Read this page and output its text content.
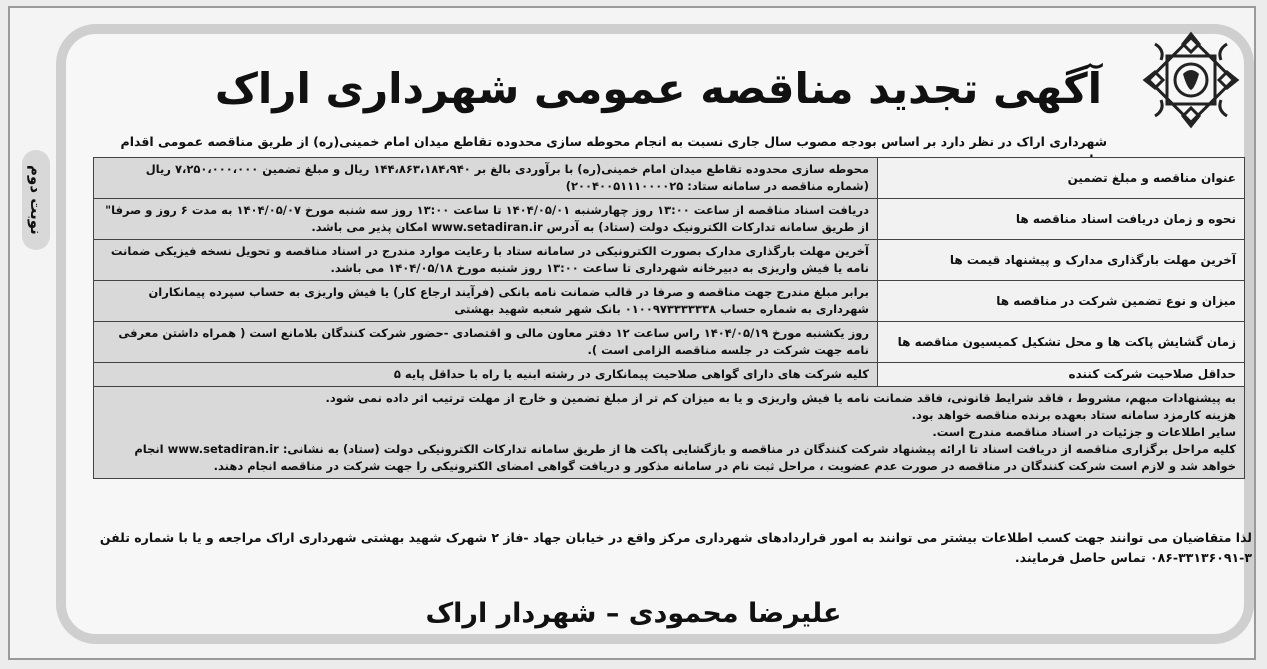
آگهی تجدید مناقصه عمومی شهرداری اراک
شهرداری اراک در نظر دارد بر اساس بودجه مصوب سال جاری نسبت به انجام محوطه سازی محدوده تقاطع میدان امام خمینی(ره) از طریق مناقصه عمومی اقدام
نوبت دوم	عنوان مناقصه و مبلغ تضمین	محوطه سازی محدوده تقاطع میدان امام خمینی(ره) با برآوردی بالغ بر ۱۴۴،۸۶۳،۱۸۴،۹۴۰ ریال و مبلغ تضمین ۷،۲۵۰،۰۰۰،۰۰۰ ریال (شماره مناقصه در سامانه ستاد: ۲۰۰۴۰۰۵۱۱۱۰۰۰۰۲۵)
نحوه و زمان دریافت اسناد مناقصه ها	دریافت اسناد مناقصه از ساعت ۱۳:۰۰ روز چهارشنبه ۱۴۰۴/۰۵/۰۱ تا ساعت ۱۳:۰۰ روز سه شنبه مورخ ۱۴۰۴/۰۵/۰۷ به مدت ۶ روز و صرفا" از طریق سامانه تدارکات الکترونیک دولت (ستاد) به آدرس www.setadiran.ir امکان پذیر می باشد.
آخرین مهلت بارگذاری مدارک و پیشنهاد قیمت ها	آخرین مهلت بارگذاری مدارک بصورت الکترونیکی در سامانه ستاد با رعایت موارد مندرج در اسناد مناقصه و تحویل نسخه فیزیکی ضمانت نامه یا فیش واریزی به دبیرخانه شهرداری تا ساعت ۱۳:۰۰ روز شنبه مورخ ۱۴۰۴/۰۵/۱۸ می باشد.
میزان و نوع تضمین شرکت در مناقصه ها	برابر مبلغ مندرج جهت مناقصه و صرفا در قالب ضمانت نامه بانکی (فرآیند ارجاع کار) یا فیش واریزی به حساب سپرده پیمانکاران شهرداری به شماره حساب ۰۱۰۰۹۷۳۳۳۳۳۳۸ بانک شهر شعبه شهید بهشتی
زمان گشایش پاکت ها و محل تشکیل کمیسیون مناقصه ها	روز یکشنبه مورخ ۱۴۰۴/۰۵/۱۹ راس ساعت ۱۲ دفتر معاون مالی و اقتصادی -حضور شرکت کنندگان بلامانع است ( همراه داشتن معرفی نامه جهت شرکت در جلسه مناقصه الزامی است ).
حداقل صلاحیت شرکت کننده	کلیه شرکت های دارای گواهی صلاحیت پیمانکاری در رشته ابنیه یا راه با حداقل پایه ۵

به پیشنهادات مبهم، مشروط ، فاقد شرایط قانونی، فاقد ضمانت نامه یا فیش واریزی و یا به میزان کم تر از مبلغ تضمین و خارج از مهلت ترتیب اثر داده نمی شود.
هزینه کارمزد سامانه ستاد بعهده برنده مناقصه خواهد بود.
سایر اطلاعات و جزئیات در اسناد مناقصه مندرج است.
کلیه مراحل برگزاری مناقصه از دریافت اسناد تا ارائه پیشنهاد شرکت کنندگان در مناقصه و بازگشایی پاکت ها از طریق سامانه تدارکات الکترونیکی دولت (ستاد) به نشانی: www.setadiran.ir انجام خواهد شد و لازم است شرکت کنندگان در مناقصه در صورت عدم عضویت ، مراحل ثبت نام در سامانه مذکور و دریافت گواهی امضای الکترونیکی را جهت شرکت در مناقصه انجام دهند.	
لذا متقاضیان می توانند جهت کسب اطلاعات بیشتر می توانند به امور قراردادهای شهرداری مرکز واقع در خیابان جهاد -فاز ۲ شهرک شهید بهشتی شهرداری اراک مراجعه و یا با شماره تلفن ۳-۳۳۱۳۶۰۹۱-۰۸۶ تماس حاصل فرمایند.
علیرضا محمودی – شهردار اراک
